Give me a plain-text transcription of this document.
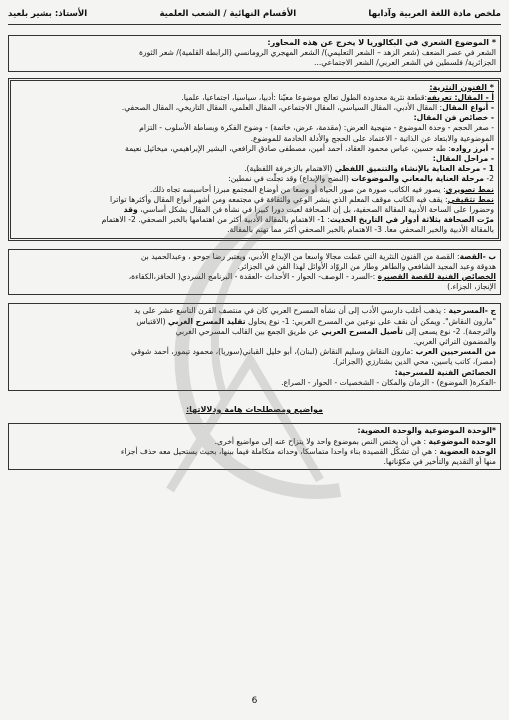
ملخص مادة اللغة العربية وآدابها
الأقسام النهائية / الشعب العلمية
الأستاذ: بشير بلعيد

* الموضوع الشعري في البكالوريا لا يخرج عن هذه المحاور:

الشعر في عصر الضعف (شعر الزهد – الشعر التعليمي)/ الشعر المهجري الرومانسي (الرابطة القلمية)/ شعر الثورة

الجزائرية/ فلسطين في الشعر العربي/ الشعر الاجتماعي...

* الفنون النثرية:

أ - المقال: تعريفه:قطعة نثرية محدودة الطول تعالج موضوعا معيّنا :أدبيا، سياسيا، اجتماعيا، علميا.

- أنواع المقال: المقال الأدبي، المقال السياسي، المقال الاجتماعي، المقال العلمي، المقال التاريخي، المقال الصحفي.

- خصائص فن المقال:

- صغر الحجم - وحدة الموضوع - منهجية العرض: (مقدمة، عرض، خاتمة) - وضوح الفكرة وبساطة الأسلوب - التزام

الموضوعية والابتعاد عن الذاتية - الاعتماد على الحجج والأدلة الخادمة للموضوع.

- أبرز رواده: طه حسين، عباس محمود العقاد، أحمد أمين، مصطفى صادق الرافعي، البشير الإبراهيمي، ميخائيل نعيمة

- مراحل المقال:

1 - مرحلة العناية بالإنشاء والتنميق اللفظي (الاهتمام بالزخرفة اللفظية).

2- مرحلة العناية بالمعاني والموضوعات (النضج والإبداع) وقد تجلّت في نمطين:

نمط تصويري: يصور فيه الكاتب صورة من صور الحياة أو وضعا من أوضاع المجتمع مبرزا أحاسيسه تجاه ذلك.

نمط تثقيفي: يقف فيه الكاتب موقف المعلم الذي ينشر الوعي والثقافة في مجتمعه ومن أشهر أنواع المقال وأكثرها تواترا

وحضورا على الساحة الأدبية المقالة الصحفية، بل إن الصحافة لعبت دورا كبيرا في نشأة فن المقال بشكل أساسي، وقد

مرّت الصحافة بثلاثة أدوار في التاريخ الحديث: 1- الاهتمام بالمقالة الأدبية أكثر من اهتمامها بالخبر الصحفي. 2- الاهتمام

بالمقالة الأدبية والخبر الصحفي معا. 3- الاهتمام بالخبر الصحفي أكثر مما تهتم بالمقالة.

ب -القصة: القصة من الفنون النثرية التي غطت مجالا واسعا من الإبداع الأدبي، ويعتبر رضا حوحو ، وعبدالحميد بن

هدوقة وعبد المجيد الشافعي والطاهر وطار من الروّاد الأوائل لهذا الفن في الجزائر.

الخصائص الفنية للقصة القصيرة :-السرد - الوصف- الحوار - الأحداث -العقدة - البرنامج السردي( الحافز،الكفاءة،

الإنجاز، الجزاء.)

ج -المسرحية : يذهب أغلب دارسي الأدب إلى أن نشأة المسرح العربي كان في منتصف القرن التاسع عشر على يد

"مارون النقاش". ويمكن أن نقف على نوعين من المسرح العربي: 1- نوع يحاول تقليد المسرح الغربي (الاقتباس

والترجمة). 2- نوع يسعى إلى تأصيل المسرح العربي عن طريق الجمع بين القالب المسرحي الغربي

والمضمون التراثي العربي.

من المسرحيين العرب :مارون النقاش وسليم النقاش (لبنان)، أبو خليل القباني(سوريا)، محمود تيمور، أحمد شوقي

(مصر)، كاتب ياسين، محي الدين بشتارزي (الجزائر).

الخصائص الفنية للمسرحية:

-الفكرة( الموضوع) - الزمان والمكان - الشخصيات - الحوار - الصراع.

مواضيع ومصطلحات هامة ودلالاتها:

*الوحدة الموضوعية والوحدة العضوية:

الوحدة الموضوعية : هي أن يختص النص بموضوع واحد ولا يتزاح عنه إلى مواضيع أخرى.

الوحدة العضوية : هي أن تشكّل القصيدة بناء واحدا متماسكا، وحداته متكاملة فيما بينها، بحيث يستحيل معه حذف أجزاء

منها أو التقديم والتأخير في مكوّناتها.

6
